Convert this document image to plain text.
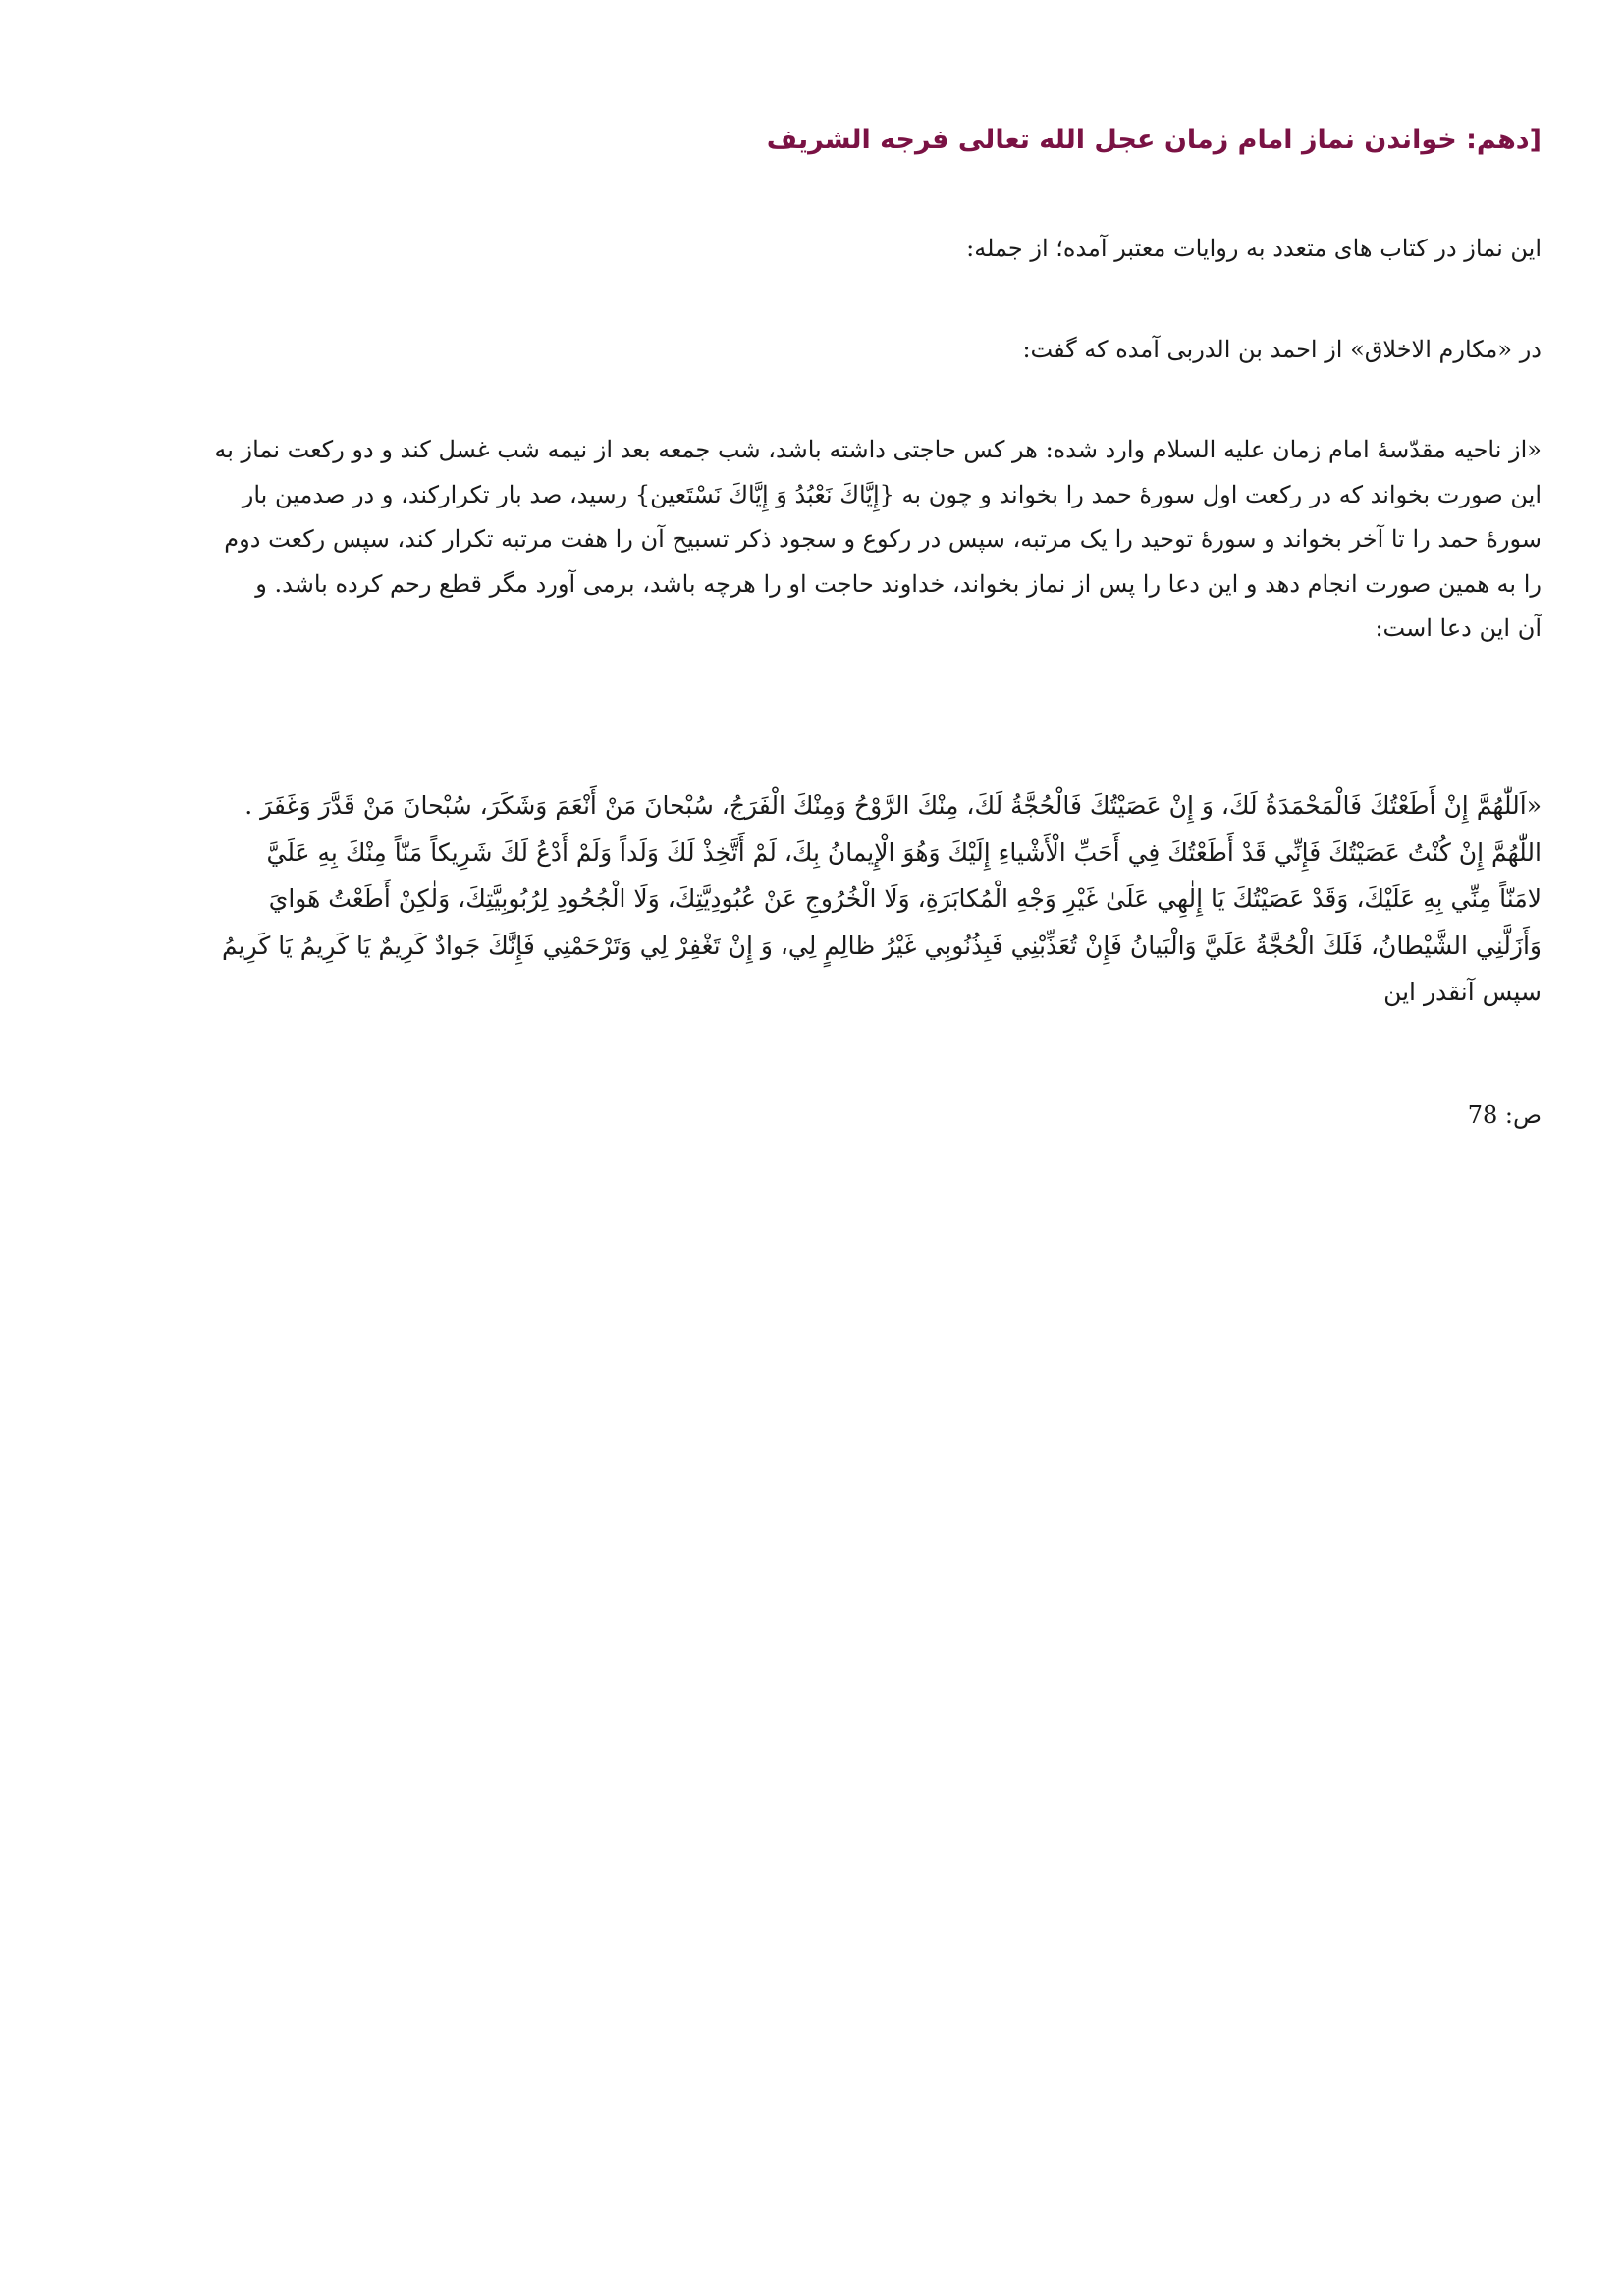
[دهم: خواندن نماز امام زمان عجل الله تعالی فرجه الشریف
این نماز در کتاب های متعدد به روایات معتبر آمده؛ از جمله:
در «مکارم الاخلاق» از احمد بن الدربی آمده که گفت:
«از ناحیه مقدّسهٔ امام زمان علیه السلام وارد شده: هر کس حاجتی داشته باشد، شب جمعه بعد از نیمه شب غسل کند و دو رکعت نماز به
این صورت بخواند که در رکعت اول سورهٔ حمد را بخواند و چون به {إِيَّاكَ نَعْبُدُ وَ إِيَّاكَ نَسْتَعين} رسید، صد بار تکرارکند، و در صدمین بار
سورهٔ حمد را تا آخر بخواند و سورهٔ توحید را یک مرتبه، سپس در رکوع و سجود ذکر تسبیح آن را هفت مرتبه تکرار کند، سپس رکعت دوم
را به همین صورت انجام دهد و این دعا را پس از نماز بخواند، خداوند حاجت او را هرچه باشد، برمی آورد مگر قطع رحم کرده باشد. و
آن این دعا است:
«اَللّٰهُمَّ إِنْ أَطَعْتُكَ فَالْمَحْمَدَةُ لَكَ، وَ إِنْ عَصَيْتُكَ فَالْحُجَّةُ لَكَ، مِنْكَ الرَّوْحُ وَمِنْكَ الْفَرَجُ، سُبْحانَ مَنْ أَنْعَمَ وَشَكَرَ، سُبْحانَ مَنْ قَدَّرَ وَغَفَرَ .
اللّٰهُمَّ إِنْ كُنْتُ عَصَيْتُكَ فَإِنِّي قَدْ أَطَعْتُكَ فِي أَحَبِّ الْأَشْياءِ إِلَيْكَ وَهُوَ الْإِيمانُ بِكَ، لَمْ أَتَّخِذْ لَكَ وَلَداً وَلَمْ أَدْعُ لَكَ شَرِيكاً مَنّاً مِنْكَ بِهِ عَلَيَّ
لامَنّاً مِنِّي بِهِ عَلَيْكَ، وَقَدْ عَصَيْتُكَ يَا إِلٰهِي عَلَىٰ غَيْرِ وَجْهِ الْمُكابَرَةِ، وَلَا الْخُرُوجِ عَنْ عُبُودِيَّتِكَ، وَلَا الْجُحُودِ لِرُبُوبِيَّتِكَ، وَلٰكِنْ أَطَعْتُ هَوايَ
وَأَزَلَّنِي الشَّيْطانُ، فَلَكَ الْحُجَّةُ عَلَيَّ وَالْبَيانُ فَإِنْ تُعَذِّبْنِي فَبِذُنُوبِي غَيْرُ ظالِمٍ لِي، وَ إِنْ تَغْفِرْ لِي وَتَرْحَمْنِي فَإِنَّكَ جَوادٌ كَرِيمٌ يَا كَرِيمُ يَا كَرِيمُ
سپس آنقدر این
ص: 78
